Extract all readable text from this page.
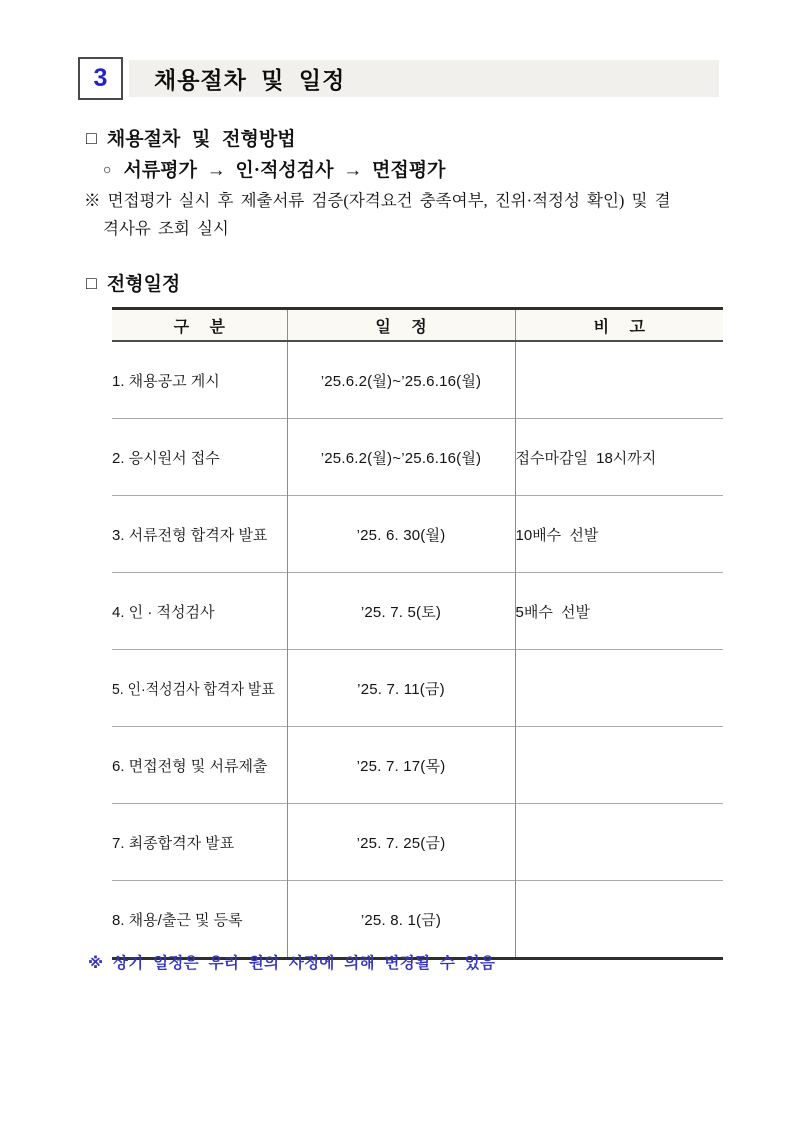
3 채용절차 및 일정
□ 채용절차 및 전형방법
○ 서류평가 → 인·적성검사 → 면접평가
※ 면접평가 실시 후 제출서류 검증(자격요건 충족여부, 진위·적정성 확인) 및 결
격사유 조회 실시
□ 전형일정
구 분	일 정	비 고
1. 채용공고 게시	’25.6.2(월)~’25.6.16(월)	
2. 응시원서 접수	’25.6.2(월)~’25.6.16(월)	접수마감일 18시까지
3. 서류전형 합격자 발표	’25. 6. 30(월)	10배수 선발
4. 인 · 적성검사	’25. 7. 5(토)	5배수 선발
5. 인·적성검사 합격자 발표	’25. 7. 11(금)	
6. 면접전형 및 서류제출	’25. 7. 17(목)	
7. 최종합격자 발표	’25. 7. 25(금)	
8. 채용/출근 및 등록	’25. 8. 1(금)	
※ 상기 일정은 우리 원의 사정에 의해 변경될 수 있음
